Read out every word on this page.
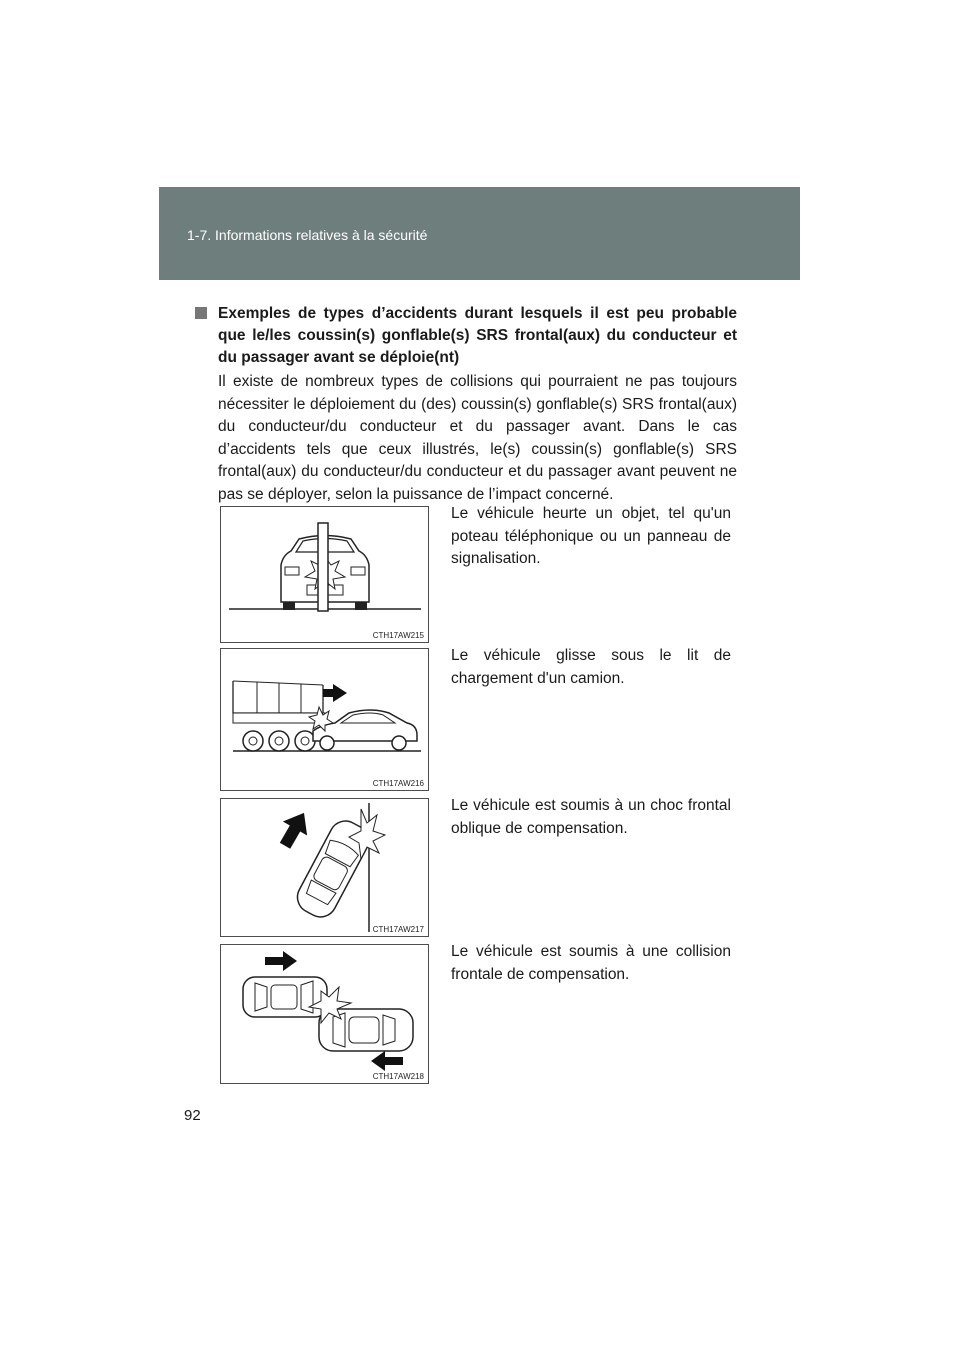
1-7. Informations relatives à la sécurité
Exemples de types d’accidents durant lesquels il est peu probable que le/les coussin(s) gonflable(s) SRS frontal(aux) du conducteur et du passager avant se déploie(nt)
Il existe de nombreux types de collisions qui pourraient ne pas toujours nécessiter le déploiement du (des) coussin(s) gonflable(s) SRS frontal(aux) du conducteur/du conducteur et du passager avant. Dans le cas d’accidents tels que ceux illustrés, le(s) coussin(s) gonflable(s) SRS frontal(aux) du conducteur/du conducteur et du passager avant peuvent ne pas se déployer, selon la puissance de l’impact concerné.
CTH17AW215
Le véhicule heurte un objet, tel qu'un poteau téléphonique ou un panneau de signalisation.
CTH17AW216
Le véhicule glisse sous le lit de chargement d'un camion.
CTH17AW217
Le véhicule est soumis à un choc frontal oblique de compensation.
CTH17AW218
Le véhicule est soumis à une collision frontale de compensation.
92
